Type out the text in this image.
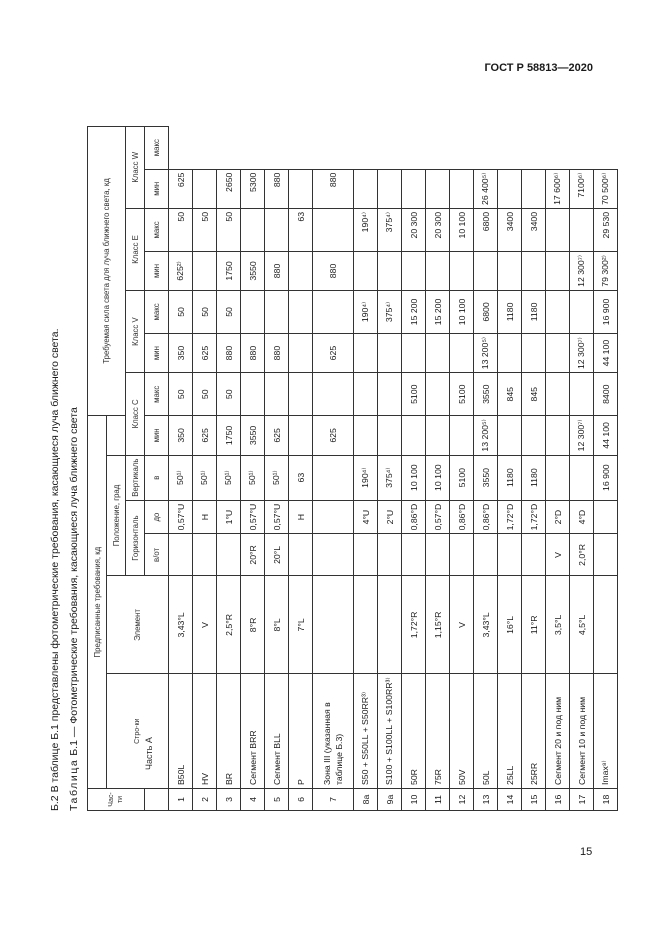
ГОСТ Р 58813—2020
15
Б.2 В таблице Б.1 представлены фотометрические требования, касающиеся луча ближнего света. Таблица Б.1 — Фотометрические требования, касающиеся луча ближнего света
Час-ти	Предписанные требования, кд						Требуемая сила света для луча ближнего света, кд						
	Стро-ки	Элемент	Положение, град										
			Горизонталь		Вертикаль	Класс С		Класс V		Класс Е		Класс W	

Часть А			в/от	до	в	мин	макс	мин	макс	мин	макс	мин	макс
1	B50L	3,43°L		0,57°U	50¹⁾	350	50	350	50	625²⁾	50	625	
2	HV	V		H	50¹⁾	625	50	625	50		50		
3	BR	2,5°R		1°U	50¹⁾	1750	50	880	50	1750	50	2650	
4	Сегмент BRR	8°R	20°R	0,57°U	50¹⁾	3550		880		3550		5300	
5	Сегмент BLL	8°L	20°L	0,57°U	50¹⁾	625		880		880		880	
6	P	7°L		H	63						63		
7	Зона III (указанная в таблице Б.3)					625		625		880		880	
8а	S50 + S50LL + S50RR³⁾			4°U	190⁴⁾				190⁴⁾		190⁴⁾		
9а	S100 + S100LL + S100RR³⁾			2°U	375⁴⁾				375⁴⁾		375⁴⁾		
10	50R	1,72°R		0,86°D	10 100		5100		15 200		20 300		
11	75R	1,15°R		0,57°D	10 100				15 200		20 300		
12	50V	V		0,86°D	5100		5100		10 100		10 100		
13	50L	3,43°L		0,86°D	3550	13 200⁵⁾	3550	13 200⁵⁾	6800		6800	26 400⁵⁾	
14	25LL	16°L		1,72°D	1180		845		1180		3400		
15	25RR	11°R		1,72°D	1180		845		1180		3400		
16	Сегмент 20 и под ним	3,5°L	V	2°D								17 600⁶⁾	
17	Сегмент 10 и под ним	4,5°L	2,0°R	4°D		12 300⁷⁾		12 300⁷⁾		12 300⁷⁾		7100⁶⁾	
18	Imax⁸⁾				16 900	44 100	8400	44 100	16 900	79 300²⁾	29 530	70 500⁶⁾	
